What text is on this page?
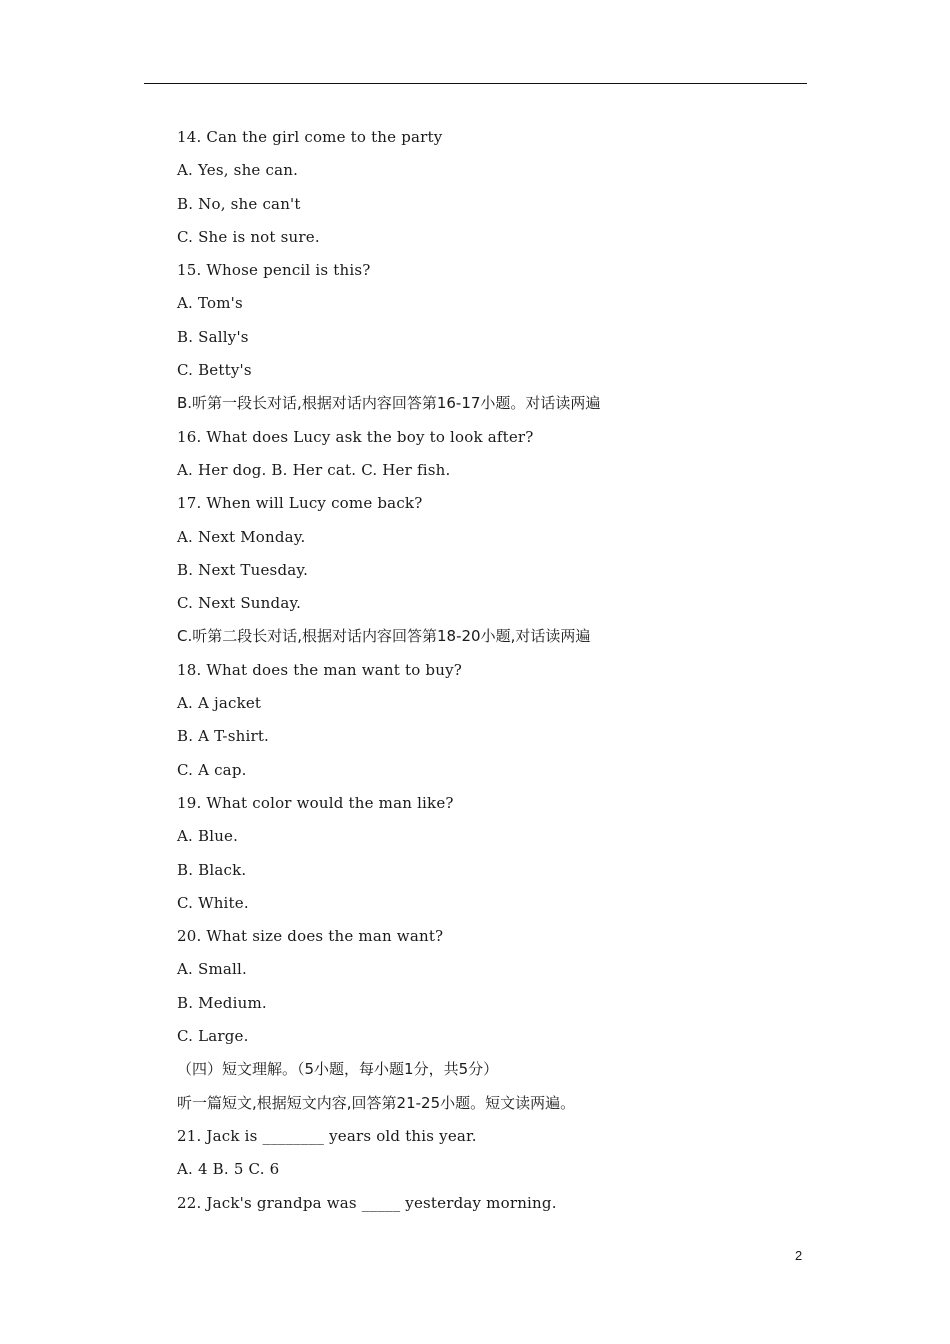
14. Can the girl come to the party
A. Yes, she can.
B. No, she can't
C. She is not sure.
15. Whose pencil is this?
A. Tom's
B. Sally's
C. Betty's
B.听第一段长对话,根据对话内容回答第16-17小题。对话读两遍
16. What does Lucy ask the boy to look after?
A. Her dog. B. Her cat. C. Her fish.
17. When will Lucy come back?
A. Next Monday.
B. Next Tuesday.
C. Next Sunday.
C.听第二段长对话,根据对话内容回答第18-20小题,对话读两遍
18. What does the man want to buy?
A. A jacket
B. A T-shirt.
C. A cap.
19. What color would the man like?
A. Blue.
B. Black.
C. White.
20. What size does the man want?
A. Small.
B. Medium.
C. Large.
（四）短文理解。（5小题，每小题1分，共5分）
听一篇短文,根据短文内容,回答第21-25小题。短文读两遍。
21. Jack is ________ years old this year.
A. 4 B. 5 C. 6
22. Jack's grandpa was _____ yesterday morning.
2
